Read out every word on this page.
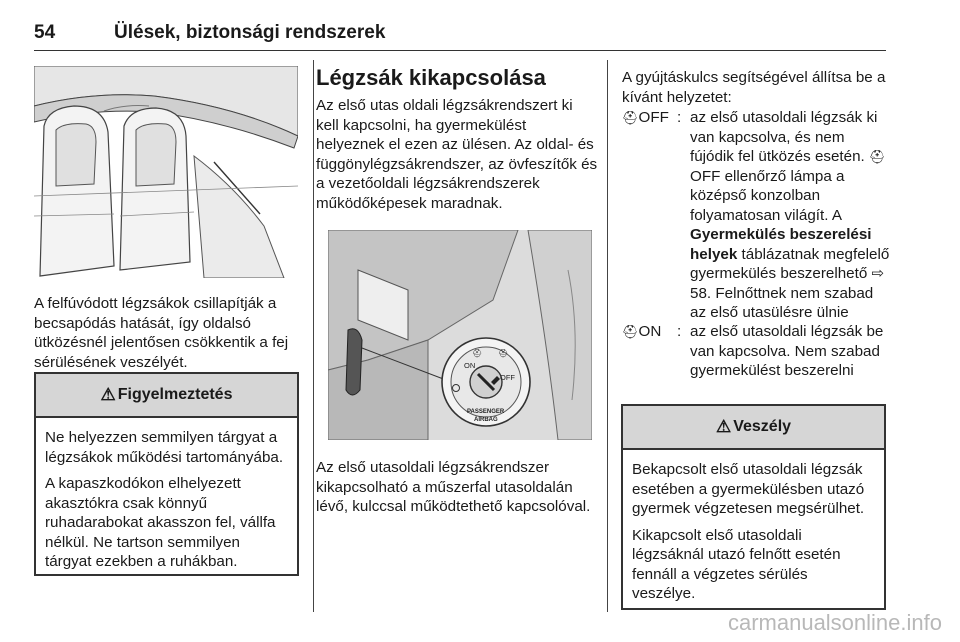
54	Ülések, biztonsági rendszerek

A felfúvódott légzsákok csillapítják a becsapódás hatását, így oldalsó ütközésnél jelentősen csökkentik a fej sérülésének veszélyét.

⚠ Figyelmeztetés

Ne helyezzen semmilyen tárgyat a légzsákok működési tartományába.

A kapaszkodókon elhelyezett akasztókra csak könnyű ruhadarabokat akasszon fel, vállfa nélkül. Ne tartson semmilyen tárgyat ezekben a ruhákban.

Légzsák kikapcsolása

Az első utas oldali légzsákrendszert ki kell kapcsolni, ha gyermekülést helyeznek el ezen az ülésen. Az oldal- és függönylégzsákrendszer, az övfeszítők és a vezetőoldali légzsákrendszerek működőképesek maradnak.

ON
OFF
PASSENGER
AIRBAG
⛑ ⛑

Az első utasoldali légzsákrendszer kikapcsolható a műszerfal utasoldalán lévő, kulccsal működtethető kapcsolóval.

A gyújtáskulcs segítségével állítsa be a kívánt helyzetet:

⛑OFF : az első utasoldali légzsák ki van kapcsolva, és nem fújódik fel ütközés esetén. ⛑OFF ellenőrző lámpa a középső konzolban folyamatosan világít. A Gyermekülés beszerelési helyek táblázatnak megfelelő gyermekülés beszerelhető ⇨ 58. Felnőttnek nem szabad az első utasülésre ülnie
⛑ON : az első utasoldali légzsák be van kapcsolva. Nem szabad gyermekülést beszerelni
⚠ Veszély

Bekapcsolt első utasoldali légzsák esetében a gyermekülésben utazó gyermek végzetesen megsérülhet.

Kikapcsolt első utasoldali légzsáknál utazó felnőtt esetén fennáll a végzetes sérülés veszélye.

carmanualsonline.info
